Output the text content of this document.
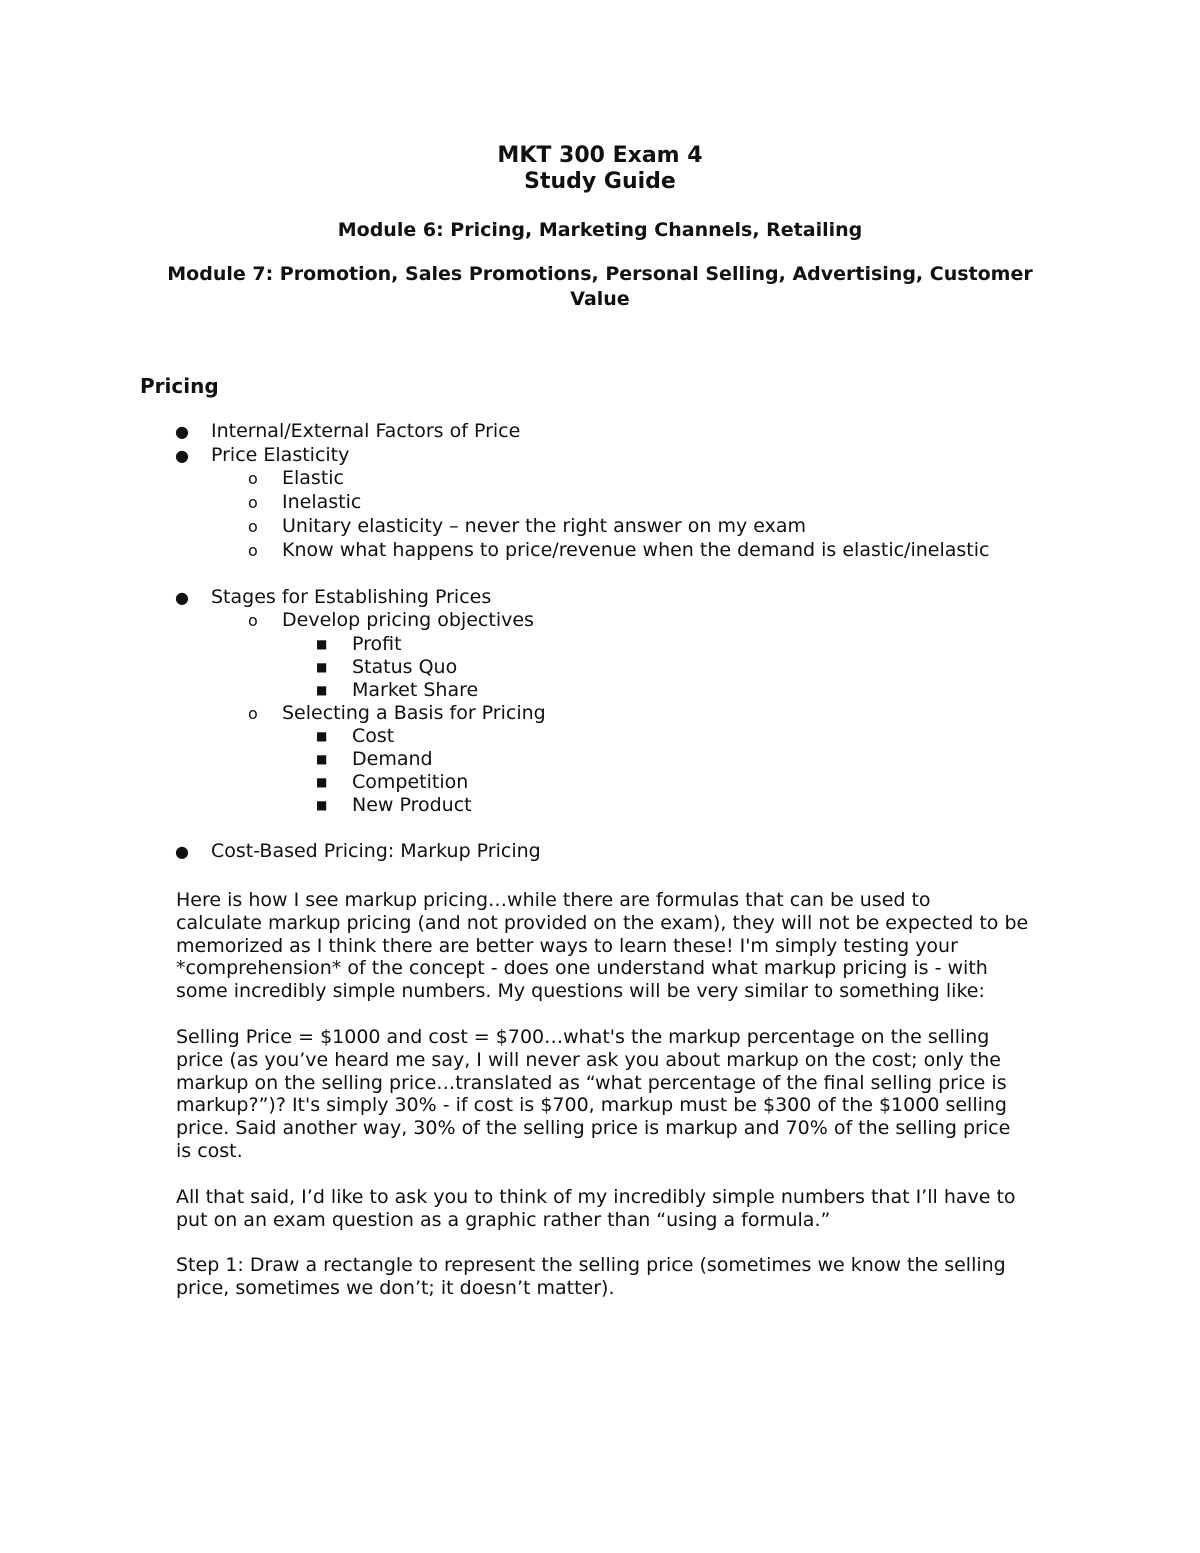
MKT 300 Exam 4
Study Guide
Module 6: Pricing, Marketing Channels, Retailing
Module 7: Promotion, Sales Promotions, Personal Selling, Advertising, Customer
Value
Pricing
● Internal/External Factors of Price
● Price Elasticity
o Elastic
o Inelastic
o Unitary elasticity – never the right answer on my exam
o Know what happens to price/revenue when the demand is elastic/inelastic
● Stages for Establishing Prices
o Develop pricing objectives
■ Profit
■ Status Quo
■ Market Share
o Selecting a Basis for Pricing
■ Cost
■ Demand
■ Competition
■ New Product
● Cost-Based Pricing: Markup Pricing
Here is how I see markup pricing…while there are formulas that can be used to
calculate markup pricing (and not provided on the exam), they will not be expected to be
memorized as I think there are better ways to learn these! I'm simply testing your
*comprehension* of the concept - does one understand what markup pricing is - with
some incredibly simple numbers. My questions will be very similar to something like:
Selling Price = $1000 and cost = $700…what's the markup percentage on the selling
price (as you’ve heard me say, I will never ask you about markup on the cost; only the
markup on the selling price…translated as “what percentage of the final selling price is
markup?”)? It's simply 30% - if cost is $700, markup must be $300 of the $1000 selling
price. Said another way, 30% of the selling price is markup and 70% of the selling price
is cost.
All that said, I’d like to ask you to think of my incredibly simple numbers that I’ll have to
put on an exam question as a graphic rather than “using a formula.”
Step 1: Draw a rectangle to represent the selling price (sometimes we know the selling
price, sometimes we don’t; it doesn’t matter).
